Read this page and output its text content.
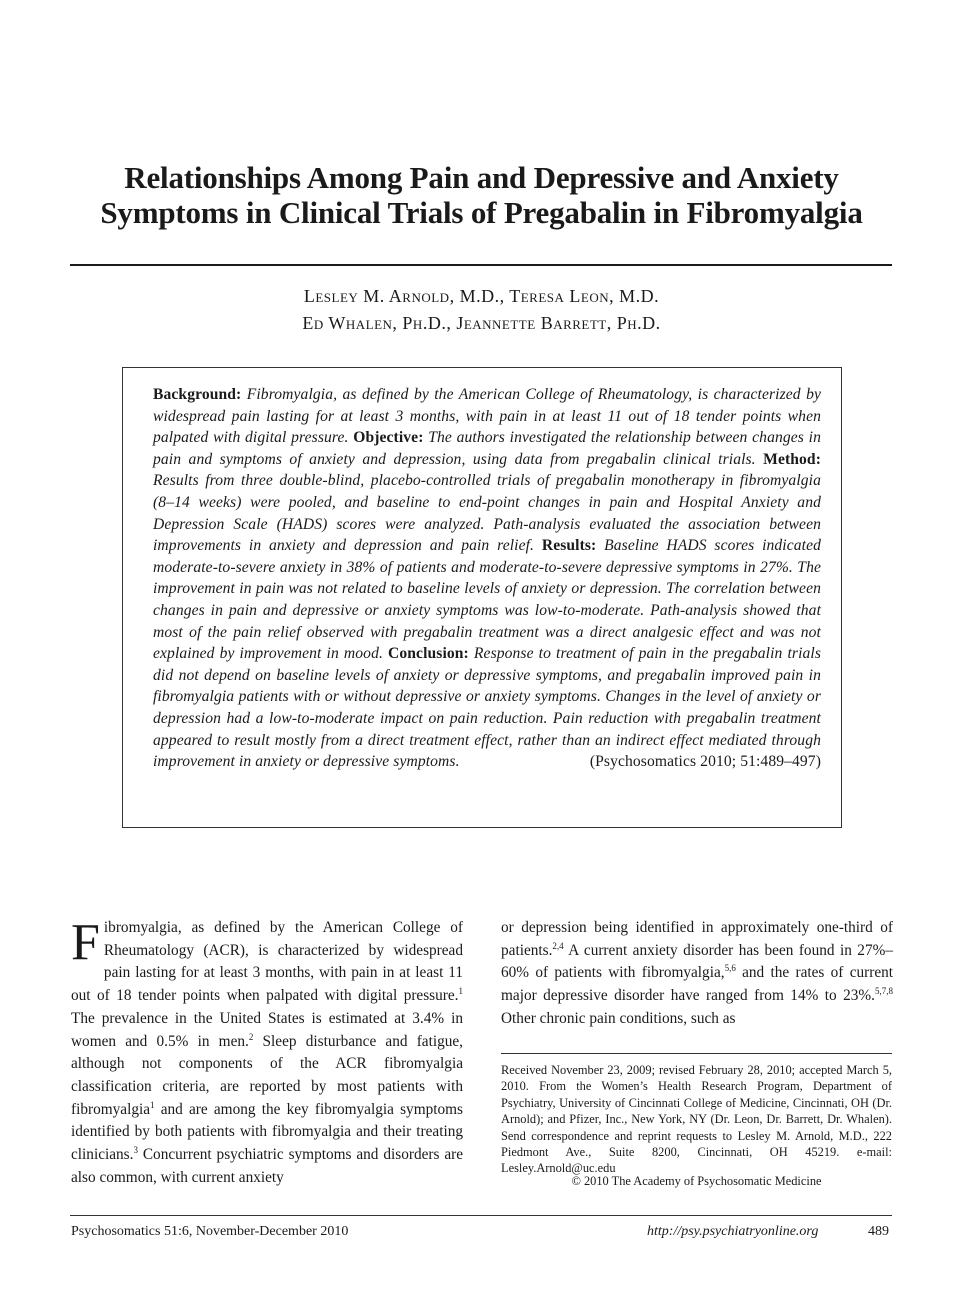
Relationships Among Pain and Depressive and Anxiety
Symptoms in Clinical Trials of Pregabalin in Fibromyalgia
Lesley M. Arnold, M.D., Teresa Leon, M.D.
Ed Whalen, Ph.D., Jeannette Barrett, Ph.D.

Background: Fibromyalgia, as defined by the American College of Rheumatology, is characterized by widespread pain lasting for at least 3 months, with pain in at least 11 out of 18 tender points when palpated with digital pressure. Objective: The authors investigated the relationship between changes in pain and symptoms of anxiety and depression, using data from pregabalin clinical trials. Method: Results from three double-blind, placebo-controlled trials of pregabalin monotherapy in fibromyalgia (8–14 weeks) were pooled, and baseline to end-point changes in pain and Hospital Anxiety and Depression Scale (HADS) scores were analyzed. Path-analysis evaluated the association between improvements in anxiety and depression and pain relief. Results: Baseline HADS scores indicated moderate-to-severe anxiety in 38% of patients and moderate-to-severe depressive symptoms in 27%. The improvement in pain was not related to baseline levels of anxiety or depression. The correlation between changes in pain and depressive or anxiety symptoms was low-to-moderate. Path-analysis showed that most of the pain relief observed with pregabalin treatment was a direct analgesic effect and was not explained by improvement in mood. Conclusion: Response to treatment of pain in the pregabalin trials did not depend on baseline levels of anxiety or depressive symptoms, and pregabalin improved pain in fibromyalgia patients with or without depressive or anxiety symptoms. Changes in the level of anxiety or depression had a low-to-moderate impact on pain reduction. Pain reduction with pregabalin treatment appeared to result mostly from a direct treatment effect, rather than an indirect effect mediated through improvement in anxiety or depressive symptoms.	(Psychosomatics 2010; 51:489–497)

Fibromyalgia, as defined by the American College of Rheumatology (ACR), is characterized by widespread pain lasting for at least 3 months, with pain in at least 11 out of 18 tender points when palpated with digital pressure.$^1$ The prevalence in the United States is estimated at 3.4% in women and 0.5% in men.$^2$ Sleep disturbance and fatigue, although not components of the ACR fibromyalgia classification criteria, are reported by most patients with fibromyalgia$^1$ and are among the key fibromyalgia symptoms identified by both patients with fibromyalgia and their treating clinicians.$^3$ Concurrent psychiatric symptoms and disorders are also common, with current anxiety
or depression being identified in approximately one-third of patients.$^{2,4}$ A current anxiety disorder has been found in 27%–60% of patients with fibromyalgia,$^{5,6}$ and the rates of current major depressive disorder have ranged from 14% to 23%.$^{5,7,8}$ Other chronic pain conditions, such as

Received November 23, 2009; revised February 28, 2010; accepted March 5, 2010. From the Women’s Health Research Program, Department of Psychiatry, University of Cincinnati College of Medicine, Cincinnati, OH (Dr. Arnold); and Pfizer, Inc., New York, NY (Dr. Leon, Dr. Barrett, Dr. Whalen). Send correspondence and reprint requests to Lesley M. Arnold, M.D., 222 Piedmont Ave., Suite 8200, Cincinnati, OH 45219. e-mail: Lesley.Arnold@uc.edu

© 2010 The Academy of Psychosomatic Medicine

Psychosomatics 51:6, November-December 2010	http://psy.psychiatryonline.org	489
